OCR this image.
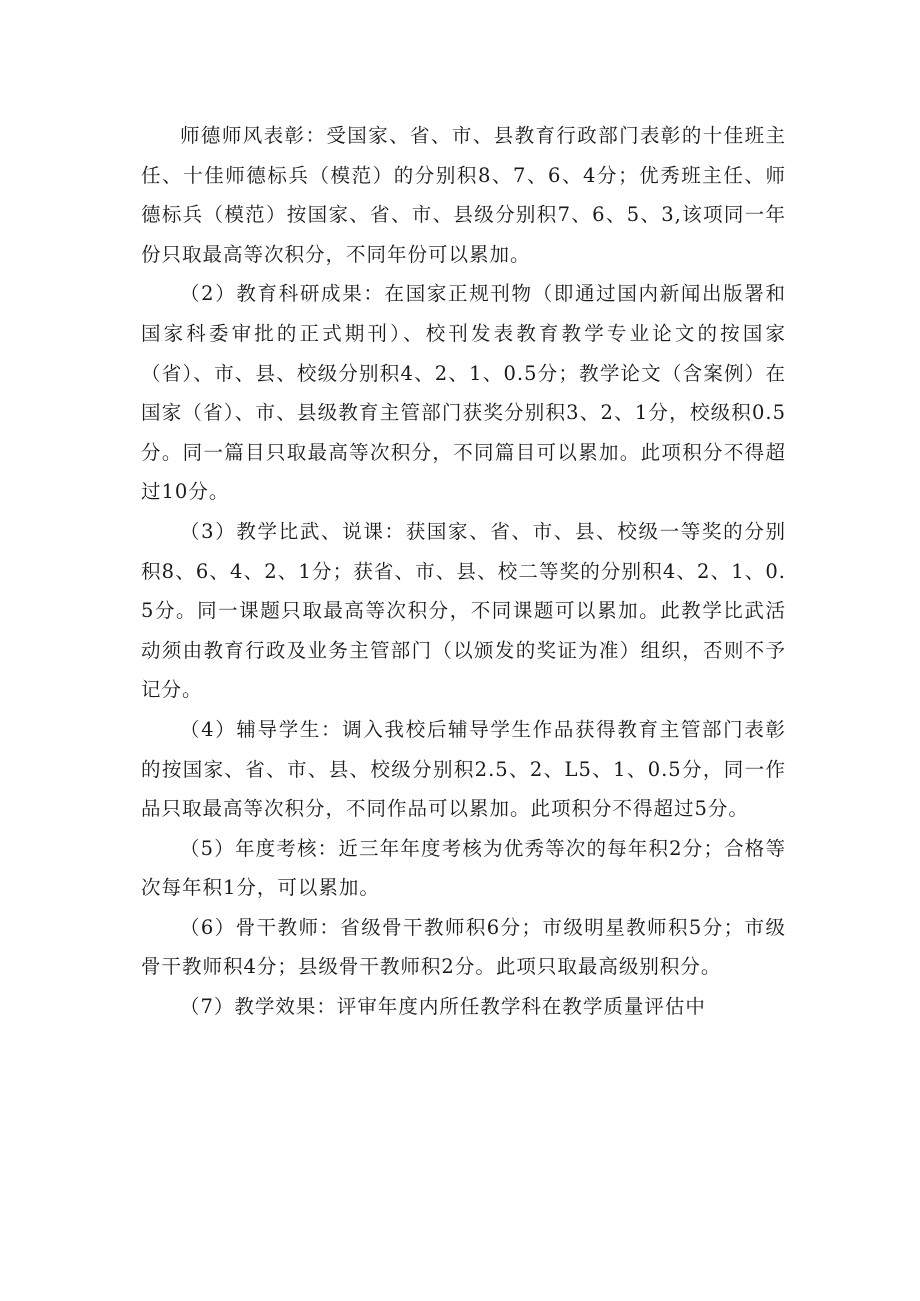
师德师风表彰：受国家、省、市、县教育行政部门表彰的十佳班主任、十佳师德标兵（模范）的分别积8、7、6、4分；优秀班主任、师德标兵（模范）按国家、省、市、县级分别积7、6、5、3,该项同一年份只取最高等次积分，不同年份可以累加。

（2）教育科研成果：在国家正规刊物（即通过国内新闻出版署和国家科委审批的正式期刊）、校刊发表教育教学专业论文的按国家（省）、市、县、校级分别积4、2、1、0.5分；教学论文（含案例）在国家（省）、市、县级教育主管部门获奖分别积3、2、1分，校级积0.5分。同一篇目只取最高等次积分，不同篇目可以累加。此项积分不得超过10分。

（3）教学比武、说课：获国家、省、市、县、校级一等奖的分别积8、6、4、2、1分；获省、市、县、校二等奖的分别积4、2、1、0.5分。同一课题只取最高等次积分，不同课题可以累加。此教学比武活动须由教育行政及业务主管部门（以颁发的奖证为准）组织，否则不予记分。

（4）辅导学生：调入我校后辅导学生作品获得教育主管部门表彰的按国家、省、市、县、校级分别积2.5、2、L5、1、0.5分，同一作品只取最高等次积分，不同作品可以累加。此项积分不得超过5分。

（5）年度考核：近三年年度考核为优秀等次的每年积2分；合格等次每年积1分，可以累加。

（6）骨干教师：省级骨干教师积6分；市级明星教师积5分；市级骨干教师积4分；县级骨干教师积2分。此项只取最高级别积分。

（7）教学效果：评审年度内所任教学科在教学质量评估中
